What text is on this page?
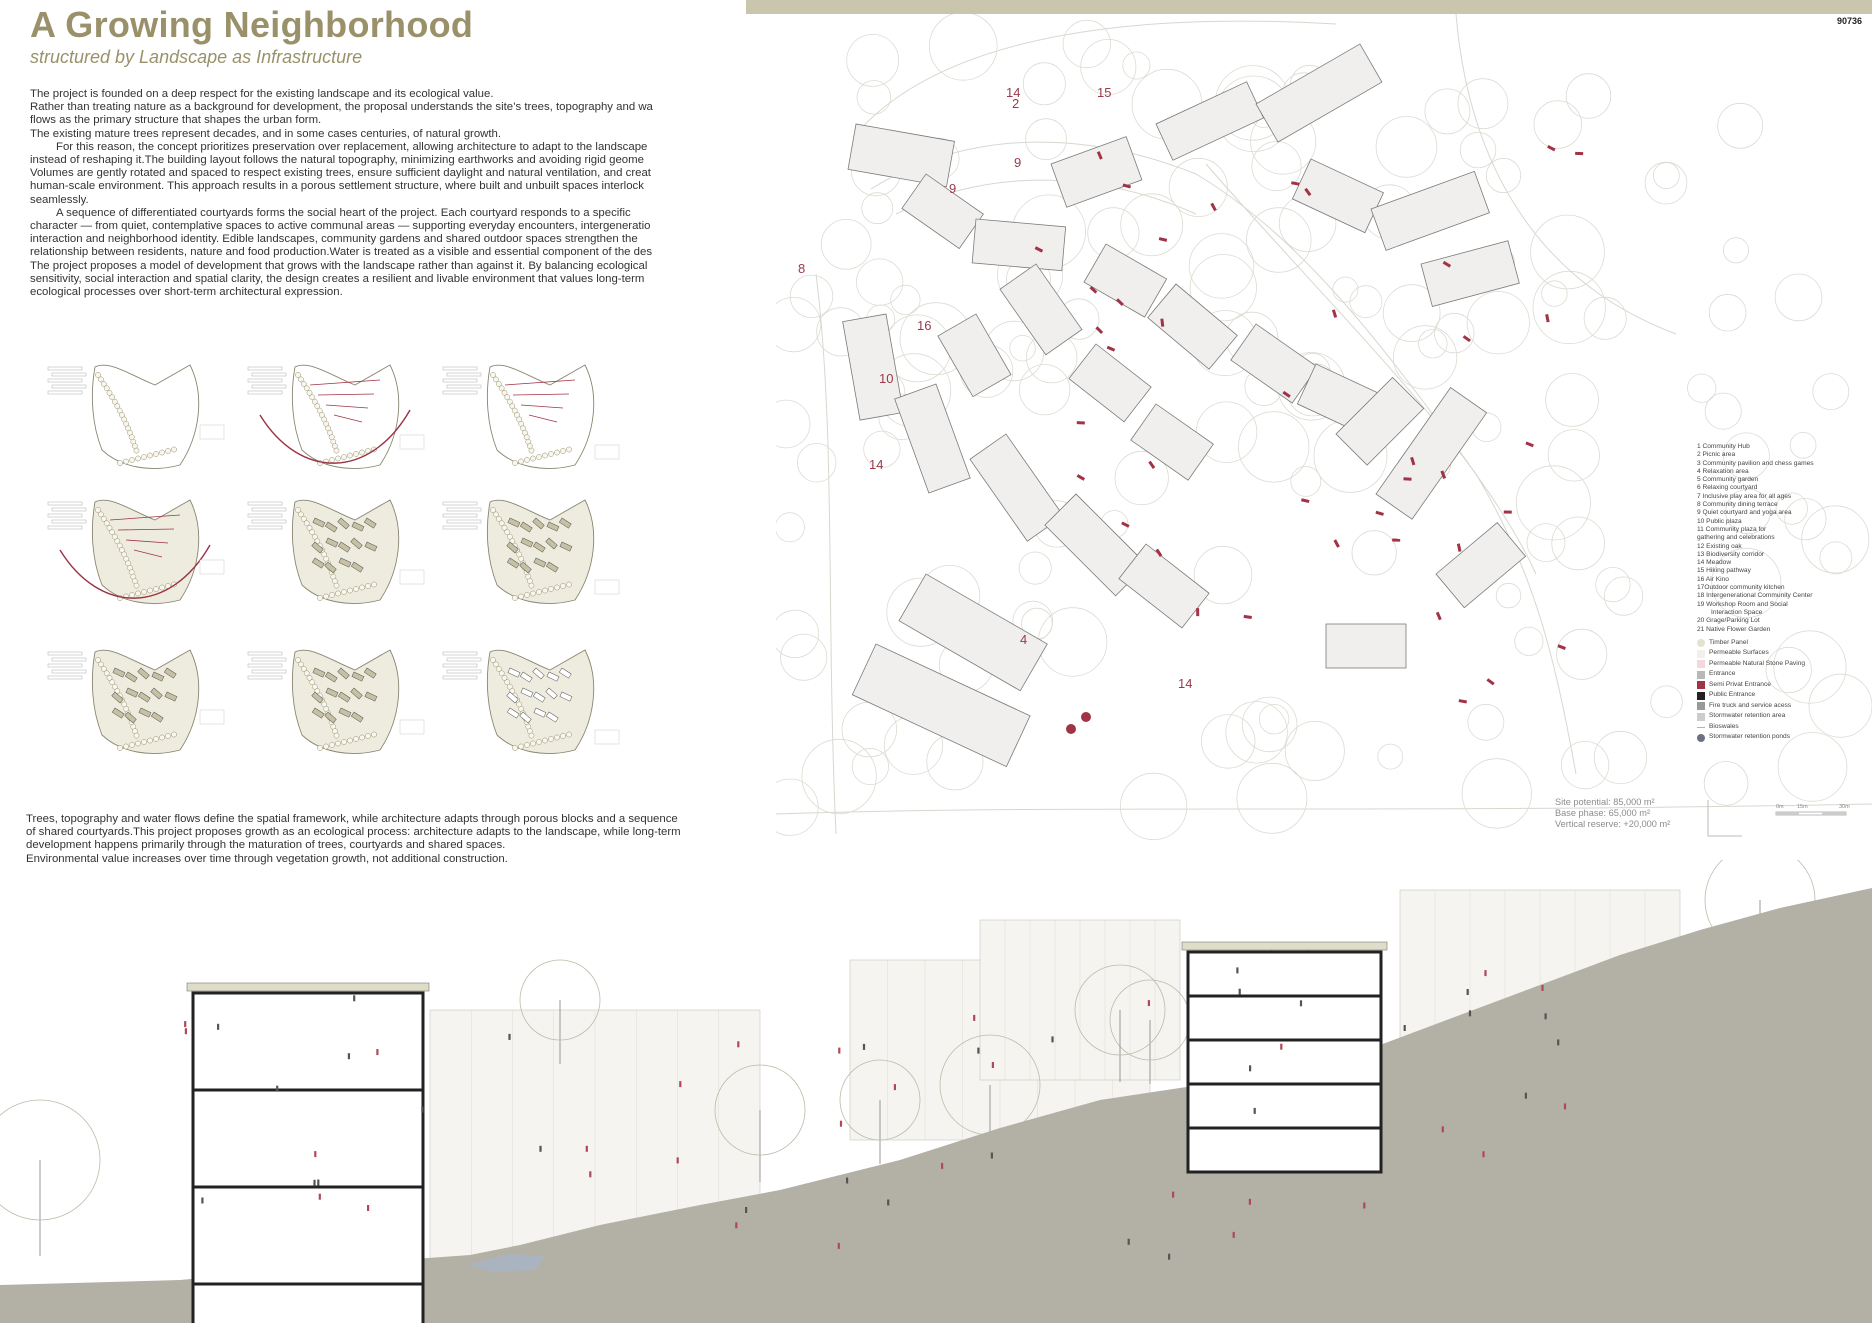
90736
A Growing Neighborhood
structured by Landscape as Infrastructure

The project is founded on a deep respect for the existing landscape and its ecological value.

Rather than treating nature as a background for development, the proposal understands the site’s trees, topography and wa

flows as the primary structure that shapes the urban form.

The existing mature trees represent decades, and in some cases centuries, of natural growth.

For this reason, the concept prioritizes preservation over replacement, allowing architecture to adapt to the landscape

instead of reshaping it.The building layout follows the natural topography, minimizing earthworks and avoiding rigid geome

Volumes are gently rotated and spaced to respect existing trees, ensure sufficient daylight and natural ventilation, and creat

human-scale environment. This approach results in a porous settlement structure, where built and unbuilt spaces interlock

seamlessly.

A sequence of differentiated courtyards forms the social heart of the project. Each courtyard responds to a specific

character — from quiet, contemplative spaces to active communal areas — supporting everyday encounters, intergeneratio

interaction and neighborhood identity. Edible landscapes, community gardens and shared outdoor spaces strengthen the

relationship between residents, nature and food production.Water is treated as a visible and essential component of the des

The project proposes a model of development that grows with the landscape rather than against it. By balancing ecological

sensitivity, social interaction and spatial clarity, the design creates a resilient and livable environment that values long-term

ecological processes over short-term architectural expression.

Trees, topography and water flows define the spatial framework, while architecture adapts through porous blocks and a sequence

of shared courtyards.This project proposes growth as an ecological process: architecture adapts to the landscape, while long-term

development happens primarily through the maturation of trees, courtyards and shared spaces.

Environmental value increases over time through vegetation growth, not additional construction.

2
4
8
9
9
10
14
14
14
15
16
1 Community Hub
2 Picnic area
3 Community pavilion and chess games
4 Relaxation area
5 Community garden
6 Relaxing courtyard
7 Inclusive play area for all ages
8 Community dining terrace
9 Quiet courtyard and yoga area
10 Public plaza
11 Community plaza for
gathering and celebrations
12 Existing oak
13 Biodiversity corridor
14 Meadow
15 Hiking pathway
16 Air Kino
17Outdoor community kitchen
18 Intergenerational Community Center
19 Workshop Room and Social
Interaction Space
20 Grage/Parking Lot
21 Native Flower Garden
Timber Panel
Permeable Surfaces
Permeable Natural Stone Paving
Entrance
Semi Privat Entrance
Public Entrance
Fire truck and service acess
Stormwater retention area
Bioswales
Stormwater retention ponds
Site potential: 85,000 m²
Base phase: 65,000 m²
Vertical reserve: +20,000 m²
0m 15m	30m
